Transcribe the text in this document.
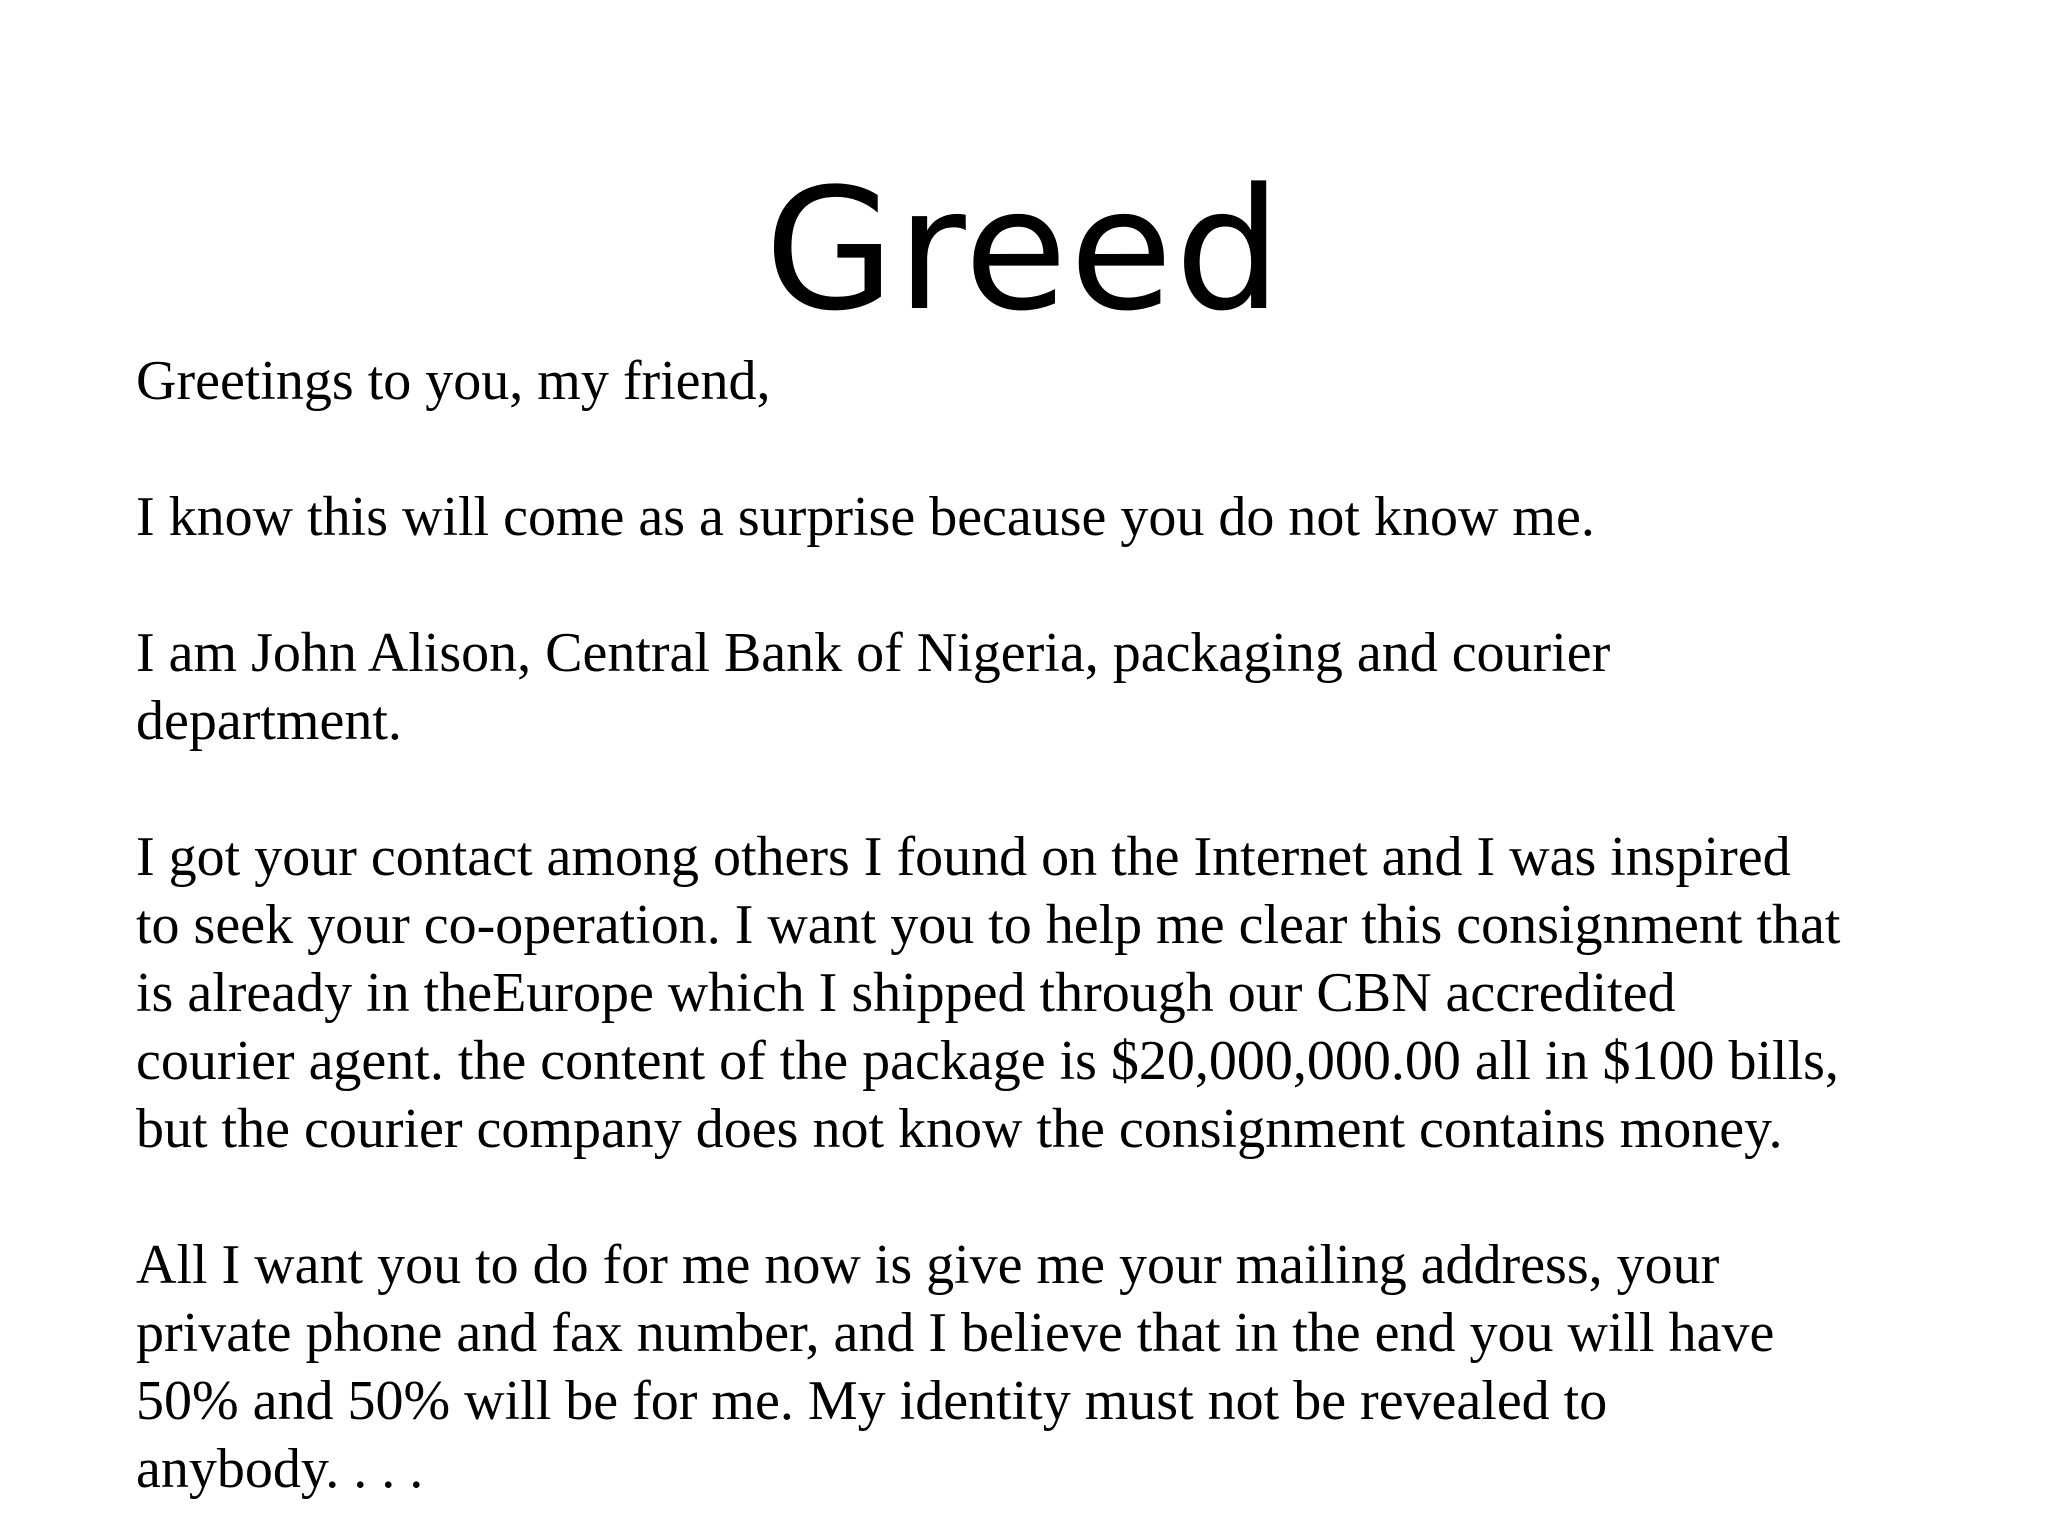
Greed

Greetings to you, my friend,

I know this will come as a surprise because you do not know me.

I am John Alison, Central Bank of Nigeria, packaging and courier
department.

I got your contact among others I found on the Internet and I was inspired
to seek your co-operation. I want you to help me clear this consignment that
is already in theEurope which I shipped through our CBN accredited
courier agent. the content of the package is $20,000,000.00 all in $100 bills,
but the courier company does not know the consignment contains money.

All I want you to do for me now is give me your mailing address, your
private phone and fax number, and I believe that in the end you will have
50% and 50% will be for me. My identity must not be revealed to
anybody. . . .
